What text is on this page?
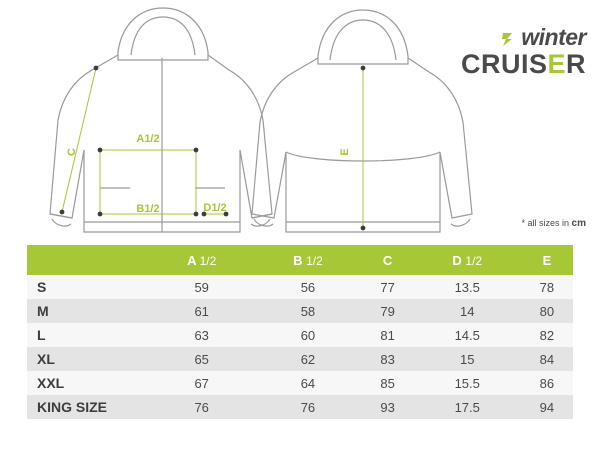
C
A1/2
B1/2	D1/2
E
winter
CRUISER
* all sizes in cm
	A 1/2	B 1/2	C	D 1/2	E
S	59	56	77	13.5	78
M	61	58	79	14	80
L	63	60	81	14.5	82
XL	65	62	83	15	84
XXL	67	64	85	15.5	86
KING SIZE	76	76	93	17.5	94
